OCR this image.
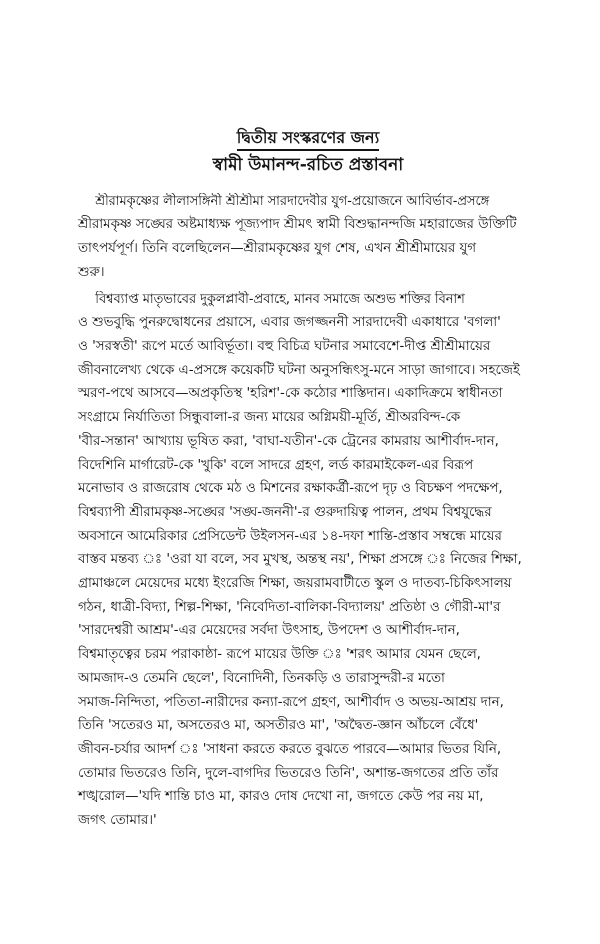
দ্বিতীয় সংস্করণের জন্য
স্বামী উমানন্দ-রচিত প্রস্তাবনা

শ্রীরামকৃষ্ণের লীলাসঙ্গিনী শ্রীশ্রীমা সারদাদেবীর যুগ-প্রয়োজনে আবির্ভাব-প্রসঙ্গে
শ্রীরামকৃষ্ণ সঙ্ঘের অষ্টমাধ্যক্ষ পূজ্যপাদ শ্রীমৎ স্বামী বিশুদ্ধানন্দজি মহারাজের উক্তিটি
তাৎপর্যপূর্ণ। তিনি বলেছিলেন—শ্রীরামকৃষ্ণের যুগ শেষ, এখন শ্রীশ্রীমায়ের যুগ
শুরু।

বিশ্বব্যাপ্ত মাতৃভাবের দুকুলপ্লাবী-প্রবাহে, মানব সমাজে অশুভ শক্তির বিনাশ
ও শুভবুদ্ধি পুনরুদ্বোধনের প্রয়াসে, এবার জগজ্জননী সারদাদেবী একাধারে 'বগলা'
ও 'সরস্বতী' রূপে মর্তে আবির্ভূতা। বহু বিচিত্র ঘটনার সমাবেশে-দীপ্ত শ্রীশ্রীমায়ের
জীবনালেখ্য থেকে এ-প্রসঙ্গে কয়েকটি ঘটনা অনুসন্ধিৎসু-মনে সাড়া জাগাবে। সহজেই
স্মরণ-পথে আসবে—অপ্রকৃতিস্থ 'হরিশ'-কে কঠোর শাস্তিদান। একাদিক্রমে স্বাধীনতা
সংগ্রামে নির্যাতিতা সিন্ধুবালা-র জন্য মায়ের অগ্নিময়ী-মূর্তি, শ্রীঅরবিন্দ-কে
'বীর-সন্তান' আখ্যায় ভূষিত করা, 'বাঘা-যতীন'-কে ট্রেনের কামরায় আশীর্বাদ-দান,
বিদেশিনি মার্গারেট-কে 'খুকি' বলে সাদরে গ্রহণ, লর্ড কারমাইকেল-এর বিরূপ
মনোভাব ও রাজরোষ থেকে মঠ ও মিশনের রক্ষাকর্ত্রী-রূপে দৃঢ় ও বিচক্ষণ পদক্ষেপ,
বিশ্বব্যাপী শ্রীরামকৃষ্ণ-সঙ্ঘের 'সঙ্ঘ-জননী'-র গুরুদায়িত্ব পালন, প্রথম বিশ্বযুদ্ধের
অবসানে আমেরিকার প্রেসিডেন্ট উইলসন-এর ১৪-দফা শান্তি-প্রস্তাব সম্বন্ধে মায়ের
বাস্তব মন্তব্য ঃ 'ওরা যা বলে, সব মুখস্থ, অন্তস্থ নয়', শিক্ষা প্রসঙ্গে ঃ নিজের শিক্ষা,
গ্রামাঞ্চলে মেয়েদের মধ্যে ইংরেজি শিক্ষা, জয়রামবাটীতে স্কুল ও দাতব্য-চিকিৎসালয়
গঠন, ধাত্রী-বিদ্যা, শিল্প-শিক্ষা, 'নিবেদিতা-বালিকা-বিদ্যালয়' প্রতিষ্ঠা ও গৌরী-মা'র
'সারদেশ্বরী আশ্রম'-এর মেয়েদের সর্বদা উৎসাহ, উপদেশ ও আশীর্বাদ-দান,
বিশ্বমাতৃত্বের চরম পরাকাষ্ঠা- রূপে মায়ের উক্তি ঃ 'শরৎ আমার যেমন ছেলে,
আমজাদ-ও তেমনি ছেলে', বিনোদিনী, তিনকড়ি ও তারাসুন্দরী-র মতো
সমাজ-নিন্দিতা, পতিতা-নারীদের কন্যা-রূপে গ্রহণ, আশীর্বাদ ও অভয়-আশ্রয় দান,
তিনি 'সতেরও মা, অসতেরও মা, অসতীরও মা', 'অদ্বৈত-জ্ঞান আঁচলে বেঁধে'
জীবন-চর্যার আদর্শ ঃ 'সাধনা করতে করতে বুঝতে পারবে—আমার ভিতর যিনি,
তোমার ভিতরেও তিনি, দুলে-বাগদির ভিতরেও তিনি', অশান্ত-জগতের প্রতি তাঁর
শঙ্খরোল—'যদি শান্তি চাও মা, কারও দোষ দেখো না, জগতে কেউ পর নয় মা,
জগৎ তোমার।'
